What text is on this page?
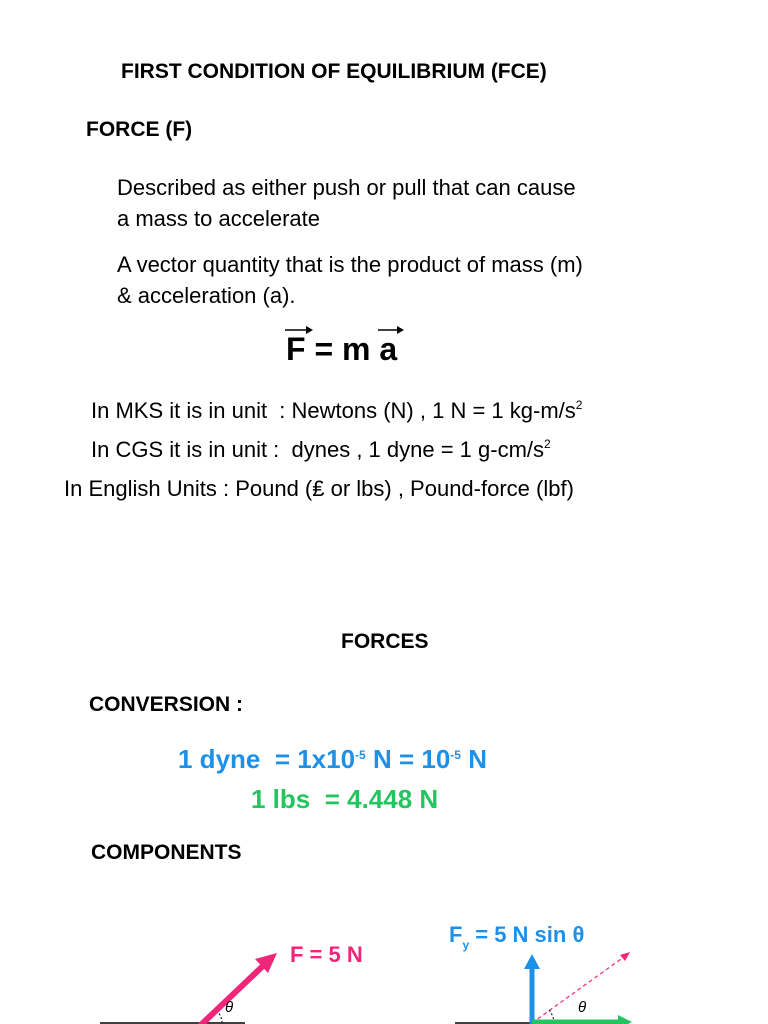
FIRST CONDITION OF EQUILIBRIUM (FCE)
FORCE (F)
Described as either push or pull that can cause
a mass to accelerate
A vector quantity that is the product of mass (m)
& acceleration (a).
F = m
a
In MKS it is in unit  : Newtons (N) , 1 N = 1 $kg-m/s^2$
In CGS it is in unit :  dynes , 1 dyne = 1 $g-cm/s^2$
In English Units : Pound (₤ or lbs) , Pound-force (lbf)
FORCES
CONVERSION :
1 dyne  = $1x10^{-5}$ $N = 10^{-5}$ N
1 lbs  = 4.448 N
COMPONENTS
F = 5 N
θ
$F_y = 5$ N sin θ
θ
